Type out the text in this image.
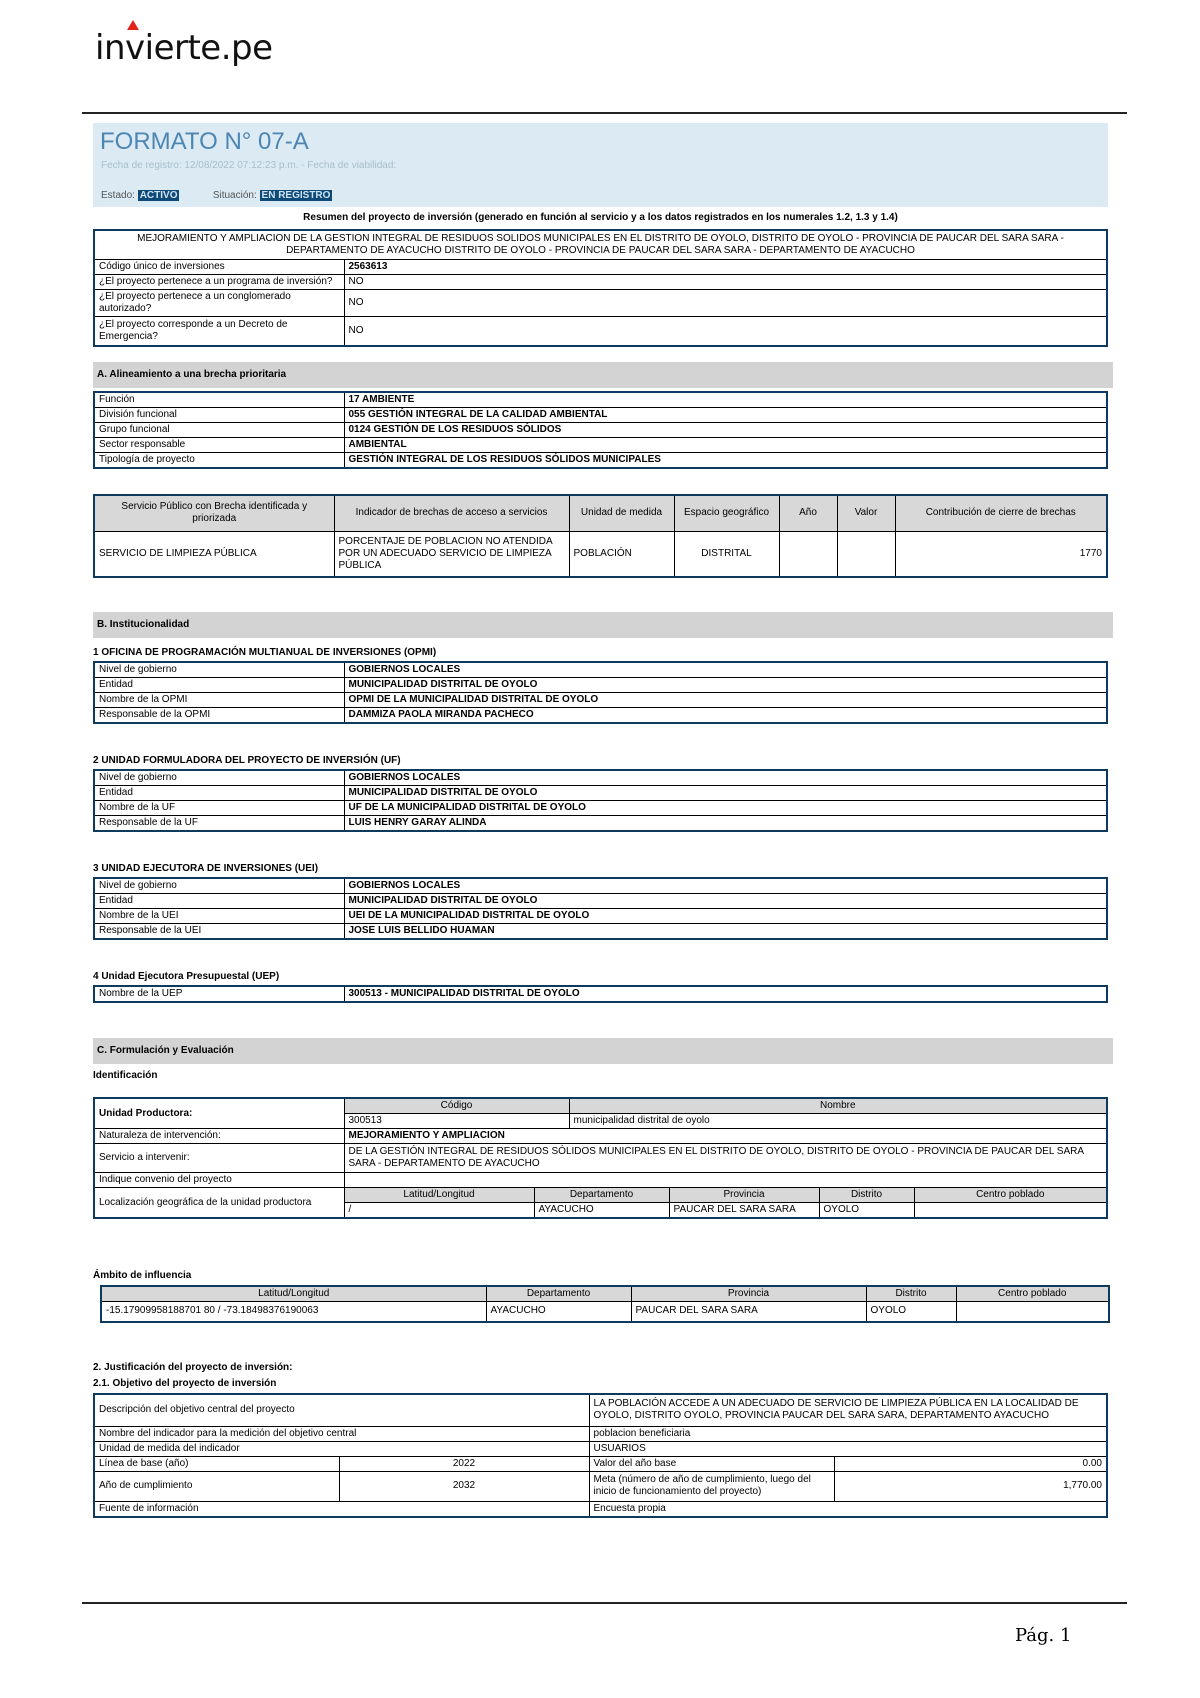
invierte.pe
FORMATO N° 07-A
Fecha de registro: 12/08/2022 07:12:23 p.m. - Fecha de viabilidad:
Estado: ACTIVO	Situación: EN REGISTRO
Resumen del proyecto de inversión (generado en función al servicio y a los datos registrados en los numerales 1.2, 1.3 y 1.4)
MEJORAMIENTO Y AMPLIACION DE LA GESTION INTEGRAL DE RESIDUOS SOLIDOS MUNICIPALES EN EL DISTRITO DE OYOLO, DISTRITO DE OYOLO - PROVINCIA DE PAUCAR DEL SARA SARA - DEPARTAMENTO DE AYACUCHO DISTRITO DE OYOLO - PROVINCIA DE PAUCAR DEL SARA SARA - DEPARTAMENTO DE AYACUCHO	
Código único de inversiones	2563613
¿El proyecto pertenece a un programa de inversión?	NO
¿El proyecto pertenece a un conglomerado autorizado?	NO
¿El proyecto corresponde a un Decreto de Emergencia?	NO
A. Alineamiento a una brecha prioritaria
Función	17 AMBIENTE
División funcional	055 GESTIÓN INTEGRAL DE LA CALIDAD AMBIENTAL
Grupo funcional	0124 GESTIÓN DE LOS RESIDUOS SÓLIDOS
Sector responsable	AMBIENTAL
Tipología de proyecto	GESTIÓN INTEGRAL DE LOS RESIDUOS SÓLIDOS MUNICIPALES
Servicio Público con Brecha identificada y priorizada	Indicador de brechas de acceso a servicios	Unidad de medida	Espacio geográfico	Año	Valor	Contribución de cierre de brechas
SERVICIO DE LIMPIEZA PÚBLICA	PORCENTAJE DE POBLACION NO ATENDIDA POR UN ADECUADO SERVICIO DE LIMPIEZA PÚBLICA	POBLACIÓN	DISTRITAL			1770
B. Institucionalidad
1 OFICINA DE PROGRAMACIÓN MULTIANUAL DE INVERSIONES (OPMI)
Nivel de gobierno	GOBIERNOS LOCALES
Entidad	MUNICIPALIDAD DISTRITAL DE OYOLO
Nombre de la OPMI	OPMI DE LA MUNICIPALIDAD DISTRITAL DE OYOLO
Responsable de la OPMI	DAMMIZA PAOLA MIRANDA PACHECO
2 UNIDAD FORMULADORA DEL PROYECTO DE INVERSIÓN (UF)
Nivel de gobierno	GOBIERNOS LOCALES
Entidad	MUNICIPALIDAD DISTRITAL DE OYOLO
Nombre de la UF	UF DE LA MUNICIPALIDAD DISTRITAL DE OYOLO
Responsable de la UF	LUIS HENRY GARAY ALINDA
3 UNIDAD EJECUTORA DE INVERSIONES (UEI)
Nivel de gobierno	GOBIERNOS LOCALES
Entidad	MUNICIPALIDAD DISTRITAL DE OYOLO
Nombre de la UEI	UEI DE LA MUNICIPALIDAD DISTRITAL DE OYOLO
Responsable de la UEI	JOSE LUIS BELLIDO HUAMAN
4 Unidad Ejecutora Presupuestal (UEP)
Nombre de la UEP	300513 - MUNICIPALIDAD DISTRITAL DE OYOLO
C. Formulación y Evaluación
Identificación
Unidad Productora:	Código		Nombre			
	300513		municipalidad distrital de oyolo			
Naturaleza de intervención:	MEJORAMIENTO Y AMPLIACION					
Servicio a intervenir:	DE LA GESTIÓN INTEGRAL DE RESIDUOS SÓLIDOS MUNICIPALES EN EL DISTRITO DE OYOLO, DISTRITO DE OYOLO - PROVINCIA DE PAUCAR DEL SARA SARA - DEPARTAMENTO DE AYACUCHO					
Indique convenio del proyecto						
Localización geográfica de la unidad productora	Latitud/Longitud	Departamento		Provincia	Distrito	Centro poblado
	/	AYACUCHO		PAUCAR DEL SARA SARA	OYOLO	
Ámbito de influencia
Latitud/Longitud	Departamento	Provincia	Distrito	Centro poblado
-15.17909958188701 80 / -73.18498376190063	AYACUCHO	PAUCAR DEL SARA SARA	OYOLO	
2. Justificación del proyecto de inversión:
2.1. Objetivo del proyecto de inversión
Descripción del objetivo central del proyecto		LA POBLACIÓN ACCEDE A UN ADECUADO DE SERVICIO DE LIMPIEZA PÚBLICA EN LA LOCALIDAD DE OYOLO, DISTRITO OYOLO, PROVINCIA PAUCAR DEL SARA SARA, DEPARTAMENTO AYACUCHO	
Nombre del indicador para la medición del objetivo central		poblacion beneficiaria	
Unidad de medida del indicador		USUARIOS	
Línea de base (año)	2022	Valor del año base	0.00
Año de cumplimiento	2032	Meta (número de año de cumplimiento, luego del inicio de funcionamiento del proyecto)	1,770.00
Fuente de información		Encuesta propia	
Pág. 1
